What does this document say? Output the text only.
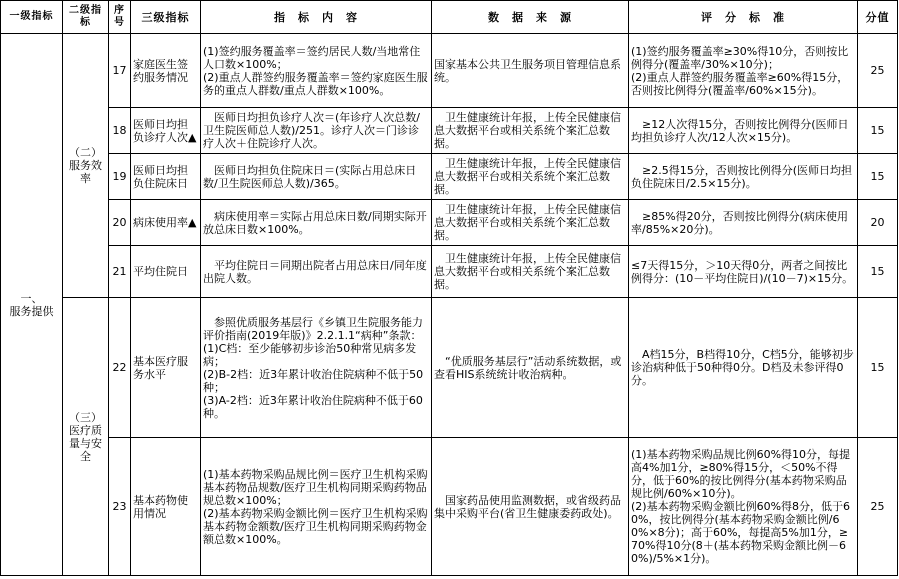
一级指标	二级指标	序号	三级指标	指　标　内　容	数　据　来　源	评　分　标　准	分值

一、
服务提供	（二）
服务效率	17	家庭医生签约服务情况	(1)签约服务覆盖率＝签约居民人数/当地常住人口数×100%；
(2)重点人群签约服务覆盖率＝签约家庭医生服务的重点人群数/重点人群数×100%。	国家基本公共卫生服务项目管理信息系统。	(1)签约服务覆盖率≥30%得10分，否则按比例得分(覆盖率/30%×10分)；
(2)重点人群签约服务覆盖率≥60%得15分，否则按比例得分(覆盖率/60%×15分)。	25
		18	医师日均担负诊疗人次▲	医师日均担负诊疗人次＝(年诊疗人次总数/卫生院医师总人数)/251。诊疗人次＝门诊诊疗人次＋住院诊疗人次。	卫生健康统计年报，上传全民健康信息大数据平台或相关系统个案汇总数据。	≥12人次得15分，否则按比例得分(医师日均担负诊疗人次/12人次×15分)。	15
		19	医师日均担负住院床日	医师日均担负住院床日＝(实际占用总床日数/卫生院医师总人数)/365。	卫生健康统计年报，上传全民健康信息大数据平台或相关系统个案汇总数据。	≥2.5得15分，否则按比例得分(医师日均担负住院床日/2.5×15分)。	15
		20	病床使用率▲	病床使用率＝实际占用总床日数/同期实际开放总床日数×100%。	卫生健康统计年报，上传全民健康信息大数据平台或相关系统个案汇总数据。	≥85%得20分，否则按比例得分(病床使用率/85%×20分)。	20
		21	平均住院日	平均住院日＝同期出院者占用总床日/同年度出院人数。	卫生健康统计年报，上传全民健康信息大数据平台或相关系统个案汇总数据。	≤7天得15分，＞10天得0分，两者之间按比例得分：(10－平均住院日)/(10－7)×15分。	15

	（三）
医疗质量与安全	22	基本医疗服务水平	参照优质服务基层行《乡镇卫生院服务能力评价指南(2019年版)》2.2.1.1“病种”条款：
(1)C档：至少能够初步诊治50种常见病多发病；
(2)B-2档：近3年累计收治住院病种不低于50种；
(3)A-2档：近3年累计收治住院病种不低于60种。	“优质服务基层行”活动系统数据，或查看HIS系统统计收治病种。	A档15分，B档得10分，C档5分，能够初步诊治病种低于50种得0分。D档及未参评得0分。	15
		23	基本药物使用情况	(1)基本药物采购品规比例＝医疗卫生机构采购基本药物品规数/医疗卫生机构同期采购药物品规总数×100%；
(2)基本药物采购金额比例＝医疗卫生机构采购基本药物金额数/医疗卫生机构同期采购药物金额总数×100%。	国家药品使用监测数据，或省级药品集中采购平台(省卫生健康委药政处)。	(1)基本药物采购品规比例60%得10分，每提高4%加1分，≥80%得15分，＜50%不得分，低于60%的按比例得分(基本药物采购品规比例/60%×10分)。
(2)基本药物采购金额比例60%得8分，低于60%，按比例得分(基本药物采购金额比例/60%×8分)；高于60%，每提高5%加1分，≥70%得10分(8＋(基本药物采购金额比例－60%)/5%×1分)。	25
